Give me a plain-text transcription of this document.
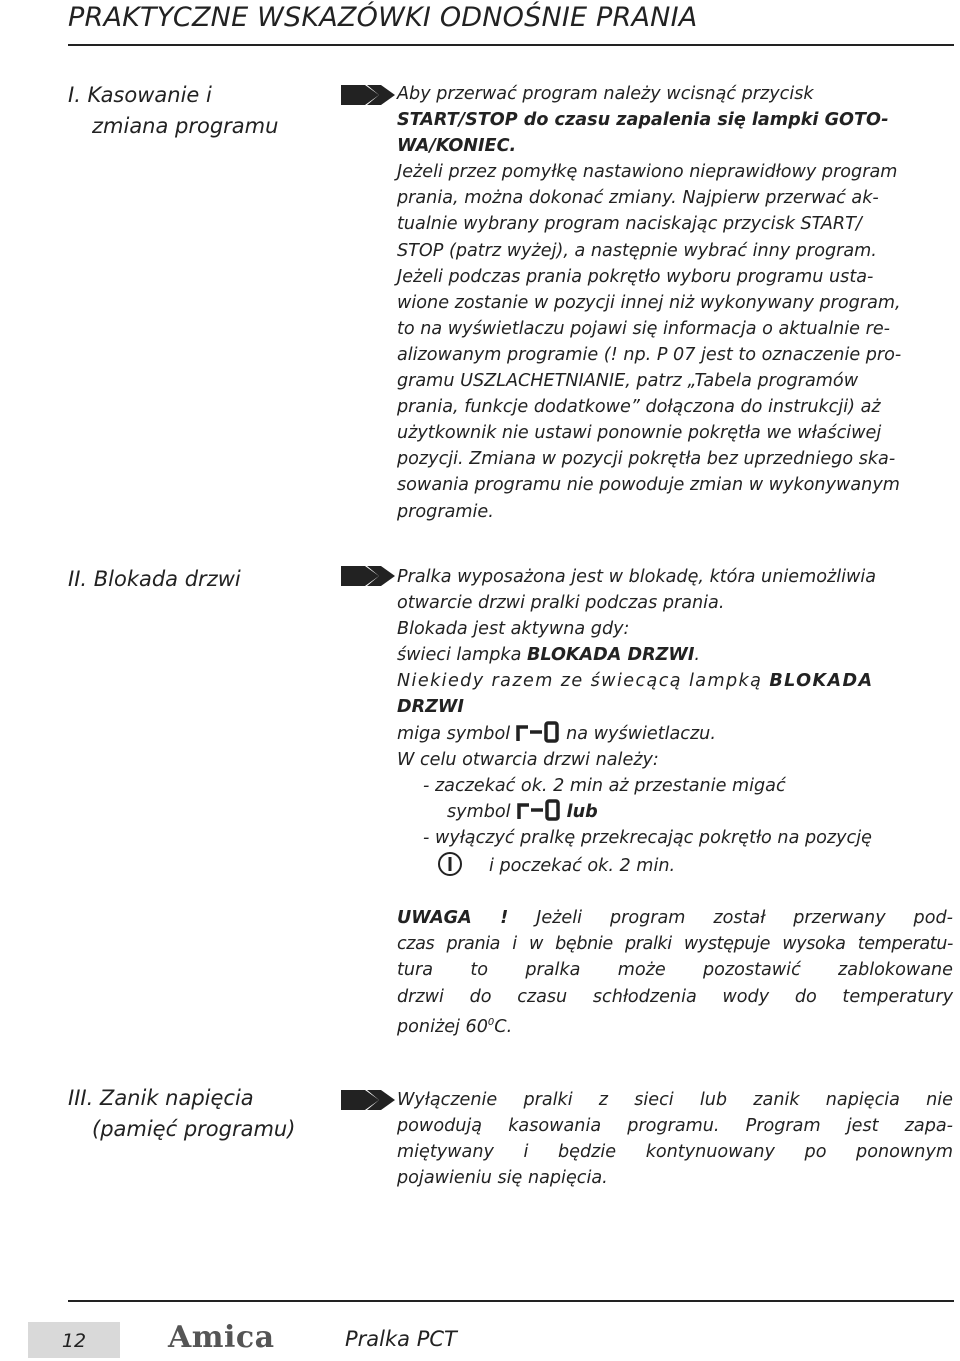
PRAKTYCZNE WSKAZÓWKI ODNOŚNIE PRANIA
I. Kasowanie i
zmiana programu
Aby przerwać program należy wcisnąć przycisk
START/STOP do czasu zapalenia się lampki GOTO-
WA/KONIEC.
Jeżeli przez pomyłkę nastawiono nieprawidłowy program
prania, można dokonać zmiany. Najpierw przerwać ak-
tualnie wybrany program naciskając przycisk START/
STOP (patrz wyżej), a następnie wybrać inny program.
Jeżeli podczas prania pokrętło wyboru programu usta-
wione zostanie w pozycji innej niż wykonywany program,
to na wyświetlaczu pojawi się informacja o aktualnie re-
alizowanym programie (! np. P 07 jest to oznaczenie pro-
gramu USZLACHETNIANIE, patrz „Tabela programów
prania, funkcje dodatkowe” dołączona do instrukcji) aż
użytkownik nie ustawi ponownie pokrętła we właściwej
pozycji. Zmiana w pozycji pokrętła bez uprzedniego ska-
sowania programu nie powoduje zmian w wykonywanym
programie.
II. Blokada drzwi	Pralka wyposażona jest w blokadę, która uniemożliwia
otwarcie drzwi pralki podczas prania.
Blokada jest aktywna gdy:
świeci lampka BLOKADA DRZWI.
Niekiedy razem ze świecącą lampką BLOKADA
DRZWI
miga symbol	na wyświetlaczu.
W celu otwarcia drzwi należy:
- zaczekać ok. 2 min aż przestanie migać
symbol	lub
- wyłączyć pralkę przekrecając pokrętło na pozycję
i poczekać ok. 2 min.

UWAGA ! Jeżeli program został przerwany pod-
czas prania i w bębnie pralki występuje wysoka temperatu-
tura to pralka może pozostawić zablokowane
drzwi do czasu schłodzenia wody do temperatury
poniżej $60^0C$.
III. Zanik napięcia
(pamięć programu)
Wyłączenie pralki z sieci lub zanik napięcia nie
powodują kasowania programu. Program jest zapa-
miętywany i będzie kontynuowany po ponownym
pojawieniu się napięcia.
12	Amica	Pralka PCT
